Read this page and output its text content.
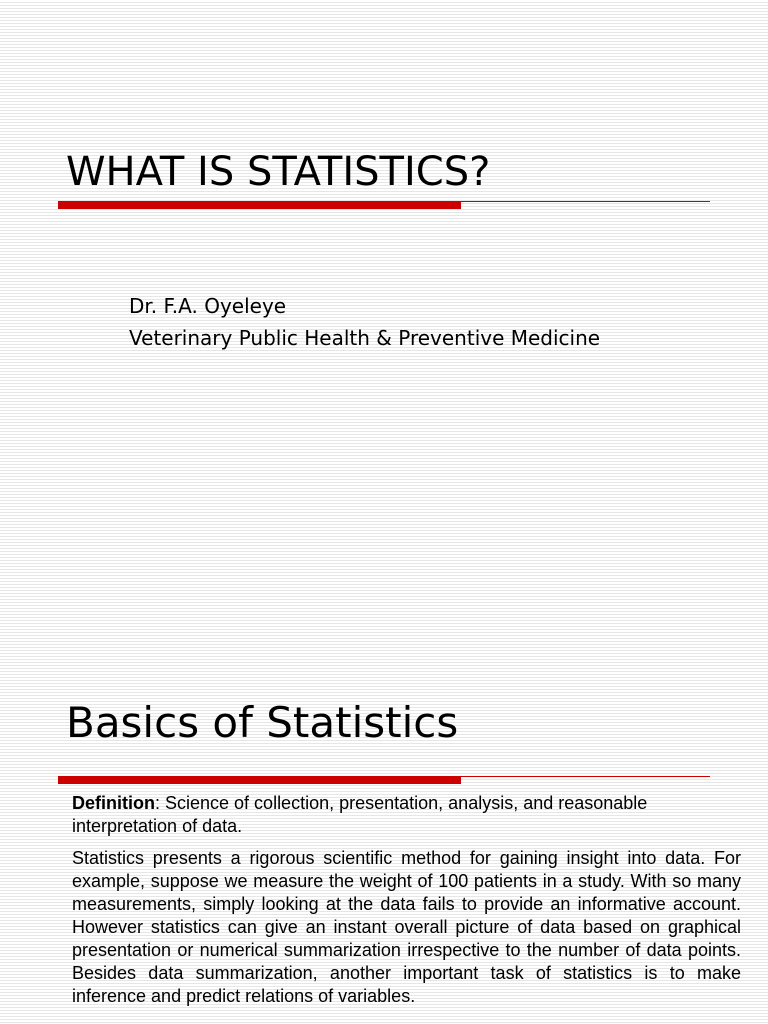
WHAT IS STATISTICS?
Dr. F.A. Oyeleye
Veterinary Public Health & Preventive Medicine
Basics of Statistics

Definition: Science of collection, presentation, analysis, and reasonable interpretation of data.

Statistics presents a rigorous scientific method for gaining insight into data. For example, suppose we measure the weight of 100 patients in a study. With so many measurements, simply looking at the data fails to provide an informative account. However statistics can give an instant overall picture of data based on graphical presentation or numerical summarization irrespective to the number of data points. Besides data summarization, another important task of statistics is to make inference and predict relations of variables.
